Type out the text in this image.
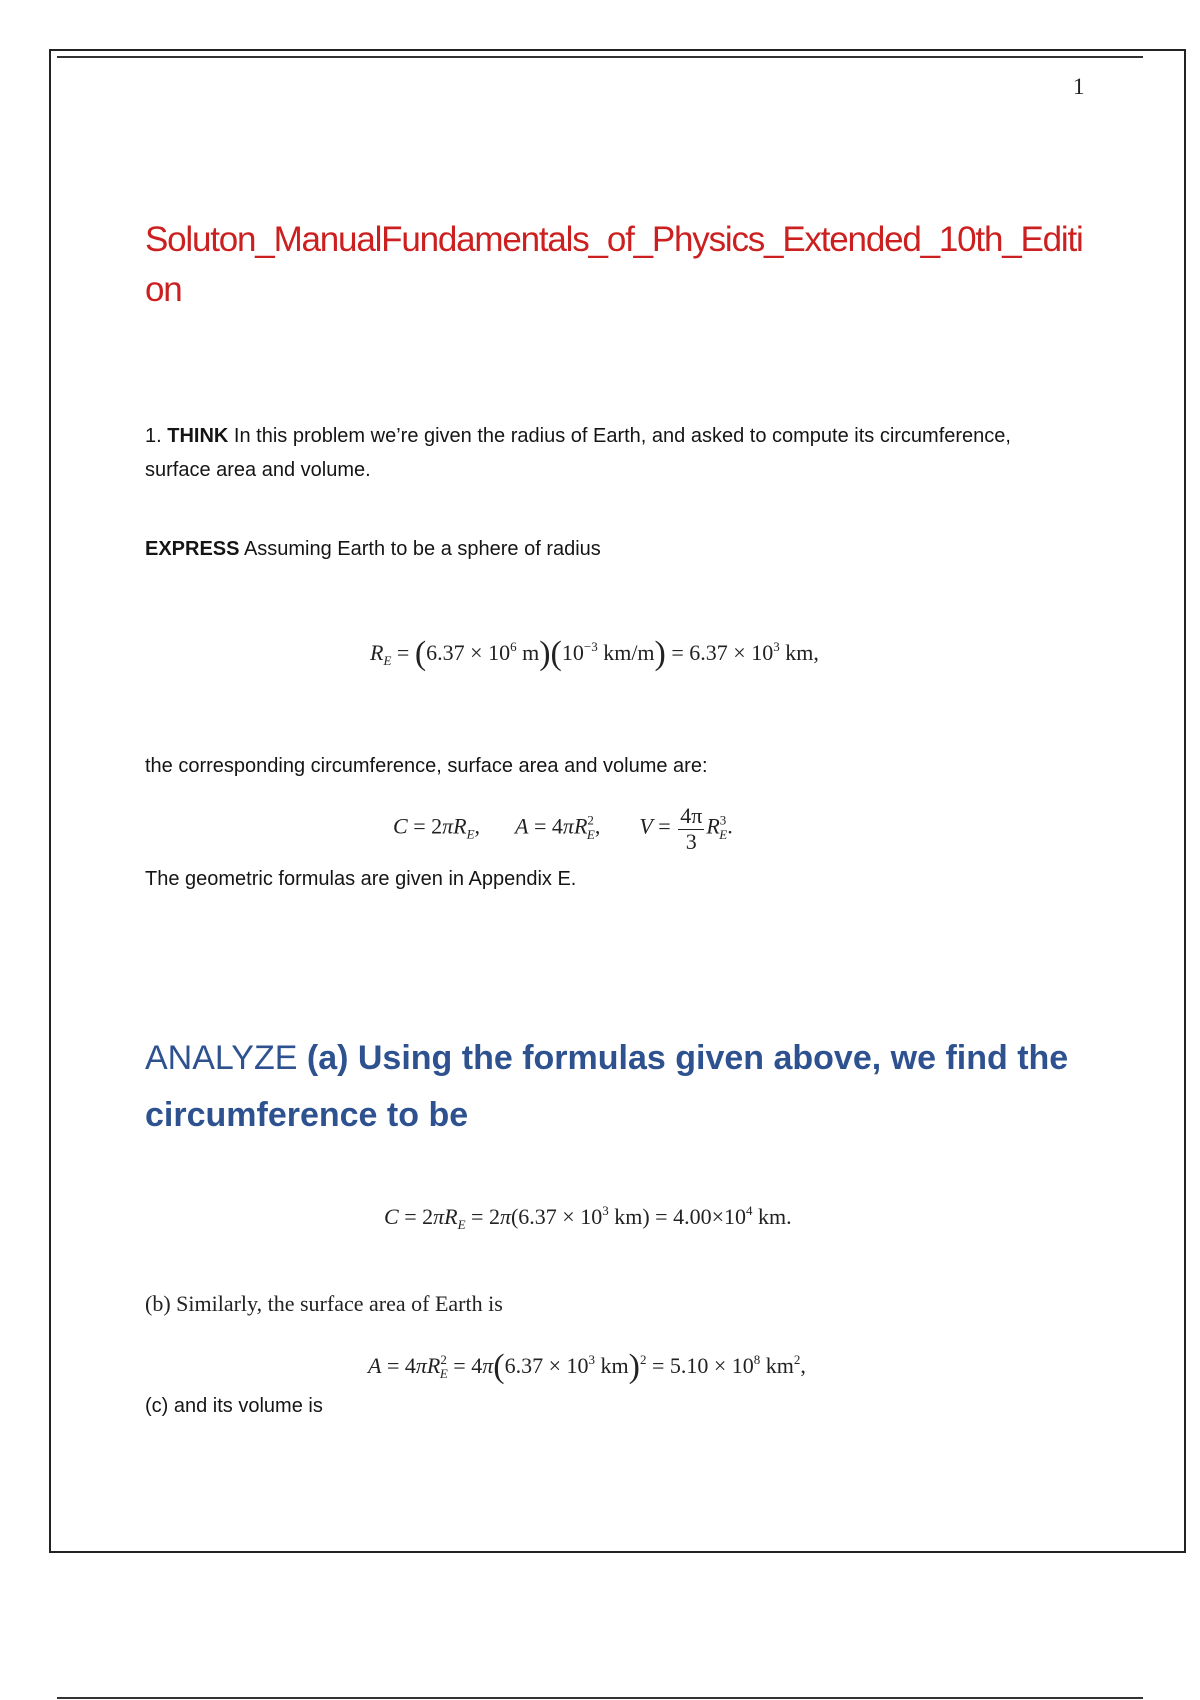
1
Soluton_ManualFundamentals_of_Physics_Extended_10th_Edition
1. THINK In this problem we’re given the radius of Earth, and asked to compute its circumference, surface area and volume.
EXPRESS Assuming Earth to be a sphere of radius
$R_E = (6.37 \times 10^6$ $m)(10^{-3}$ $km/m) = 6.37 \times 10^3$ km,
the corresponding circumference, surface area and volume are:
$C = 2\pi R_E$, $A = 4\pi R^2_E$, $V = \frac{4\pi}{3} R^3_E$.
The geometric formulas are given in Appendix E.
ANALYZE (a) Using the formulas given above, we find the circumference to be
$C = 2\pi R_E = 2\pi(6.37 \times 10^3$ $km) = 4.00\times 10^4$ km.
(b) Similarly, the surface area of Earth is
$A = 4\pi R^2_E = 4\pi(6.37 \times 10^3$ $km)^2 = 5.10 \times 10^8$ $km^2$,
(c) and its volume is
